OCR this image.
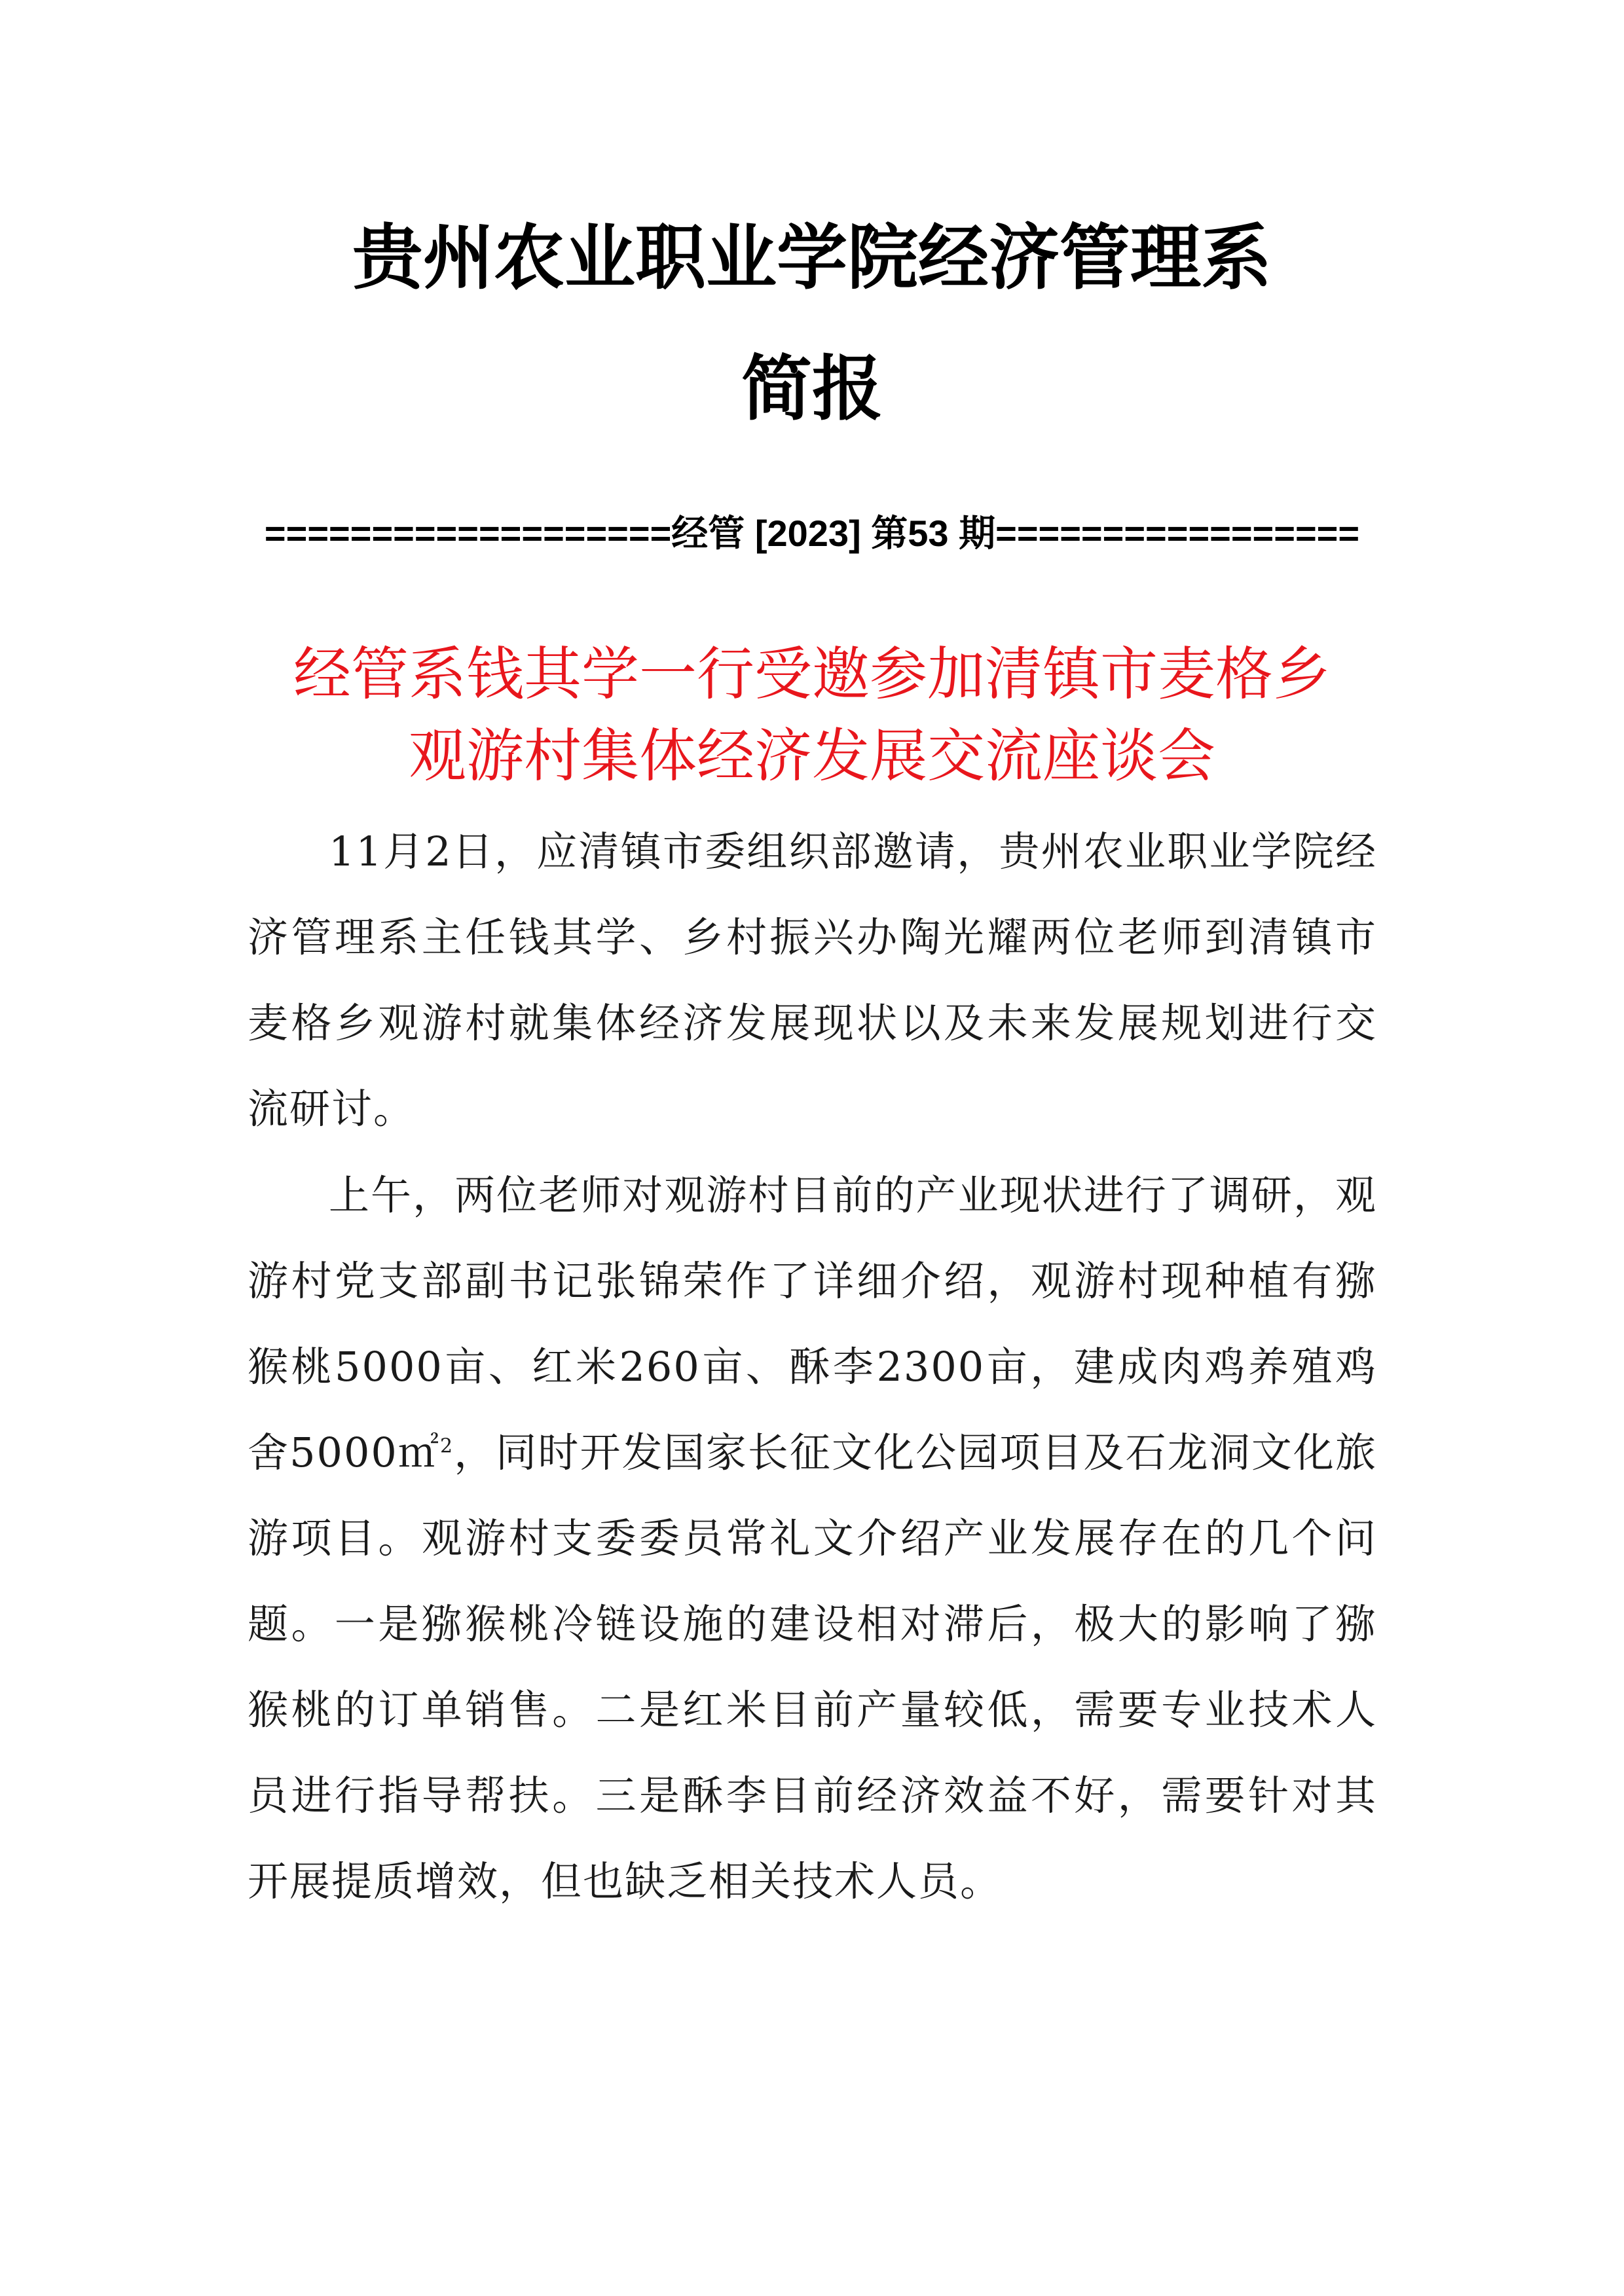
贵州农业职业学院经济管理系
简报
===================经管 [2023] 第53 期=================
经管系钱其学一行受邀参加清镇市麦格乡
观游村集体经济发展交流座谈会
11月2日，应清镇市委组织部邀请，贵州农业职业学院经济管理系主任钱其学、乡村振兴办陶光耀两位老师到清镇市麦格乡观游村就集体经济发展现状以及未来发展规划进行交流研讨。
上午，两位老师对观游村目前的产业现状进行了调研，观游村党支部副书记张锦荣作了详细介绍，观游村现种植有猕猴桃5000亩、红米260亩、酥李2300亩，建成肉鸡养殖鸡舍5000㎡$^2$，同时开发国家长征文化公园项目及石龙洞文化旅游项目。观游村支委委员常礼文介绍产业发展存在的几个问题。一是猕猴桃冷链设施的建设相对滞后，极大的影响了猕猴桃的订单销售。二是红米目前产量较低，需要专业技术人员进行指导帮扶。三是酥李目前经济效益不好，需要针对其开展提质增效，但也缺乏相关技术人员。
